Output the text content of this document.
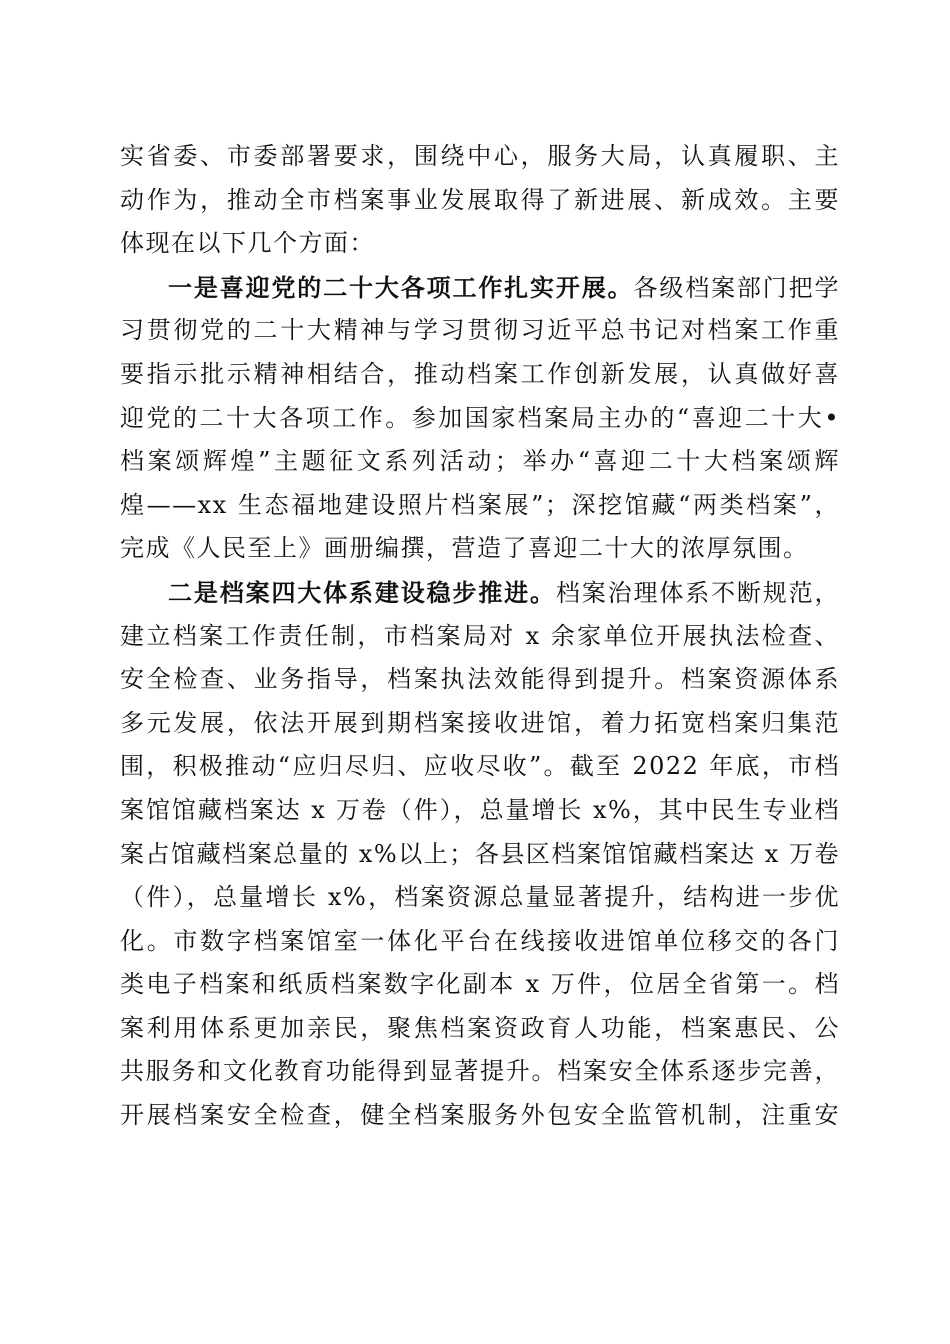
实省委、市委部署要求，围绕中心，服务大局，认真履职、主
动作为，推动全市档案事业发展取得了新进展、新成效。主要
体现在以下几个方面：
一是喜迎党的二十大各项工作扎实开展。各级档案部门把学
习贯彻党的二十大精神与学习贯彻习近平总书记对档案工作重
要指示批示精神相结合，推动档案工作创新发展，认真做好喜
迎党的二十大各项工作。参加国家档案局主办的“喜迎二十大•
档案颂辉煌”主题征文系列活动；举办“喜迎二十大档案颂辉
煌——xx 生态福地建设照片档案展”；深挖馆藏“两类档案”，
完成《人民至上》画册编撰，营造了喜迎二十大的浓厚氛围。
二是档案四大体系建设稳步推进。档案治理体系不断规范，
建立档案工作责任制，市档案局对 x 余家单位开展执法检查、
安全检查、业务指导，档案执法效能得到提升。档案资源体系
多元发展，依法开展到期档案接收进馆，着力拓宽档案归集范
围，积极推动“应归尽归、应收尽收”。截至 2022 年底，市档
案馆馆藏档案达 x 万卷（件），总量增长 x%，其中民生专业档
案占馆藏档案总量的 x%以上；各县区档案馆馆藏档案达 x 万卷
（件），总量增长 x%，档案资源总量显著提升，结构进一步优
化。市数字档案馆室一体化平台在线接收进馆单位移交的各门
类电子档案和纸质档案数字化副本 x 万件，位居全省第一。档
案利用体系更加亲民，聚焦档案资政育人功能，档案惠民、公
共服务和文化教育功能得到显著提升。档案安全体系逐步完善，
开展档案安全检查，健全档案服务外包安全监管机制，注重安
